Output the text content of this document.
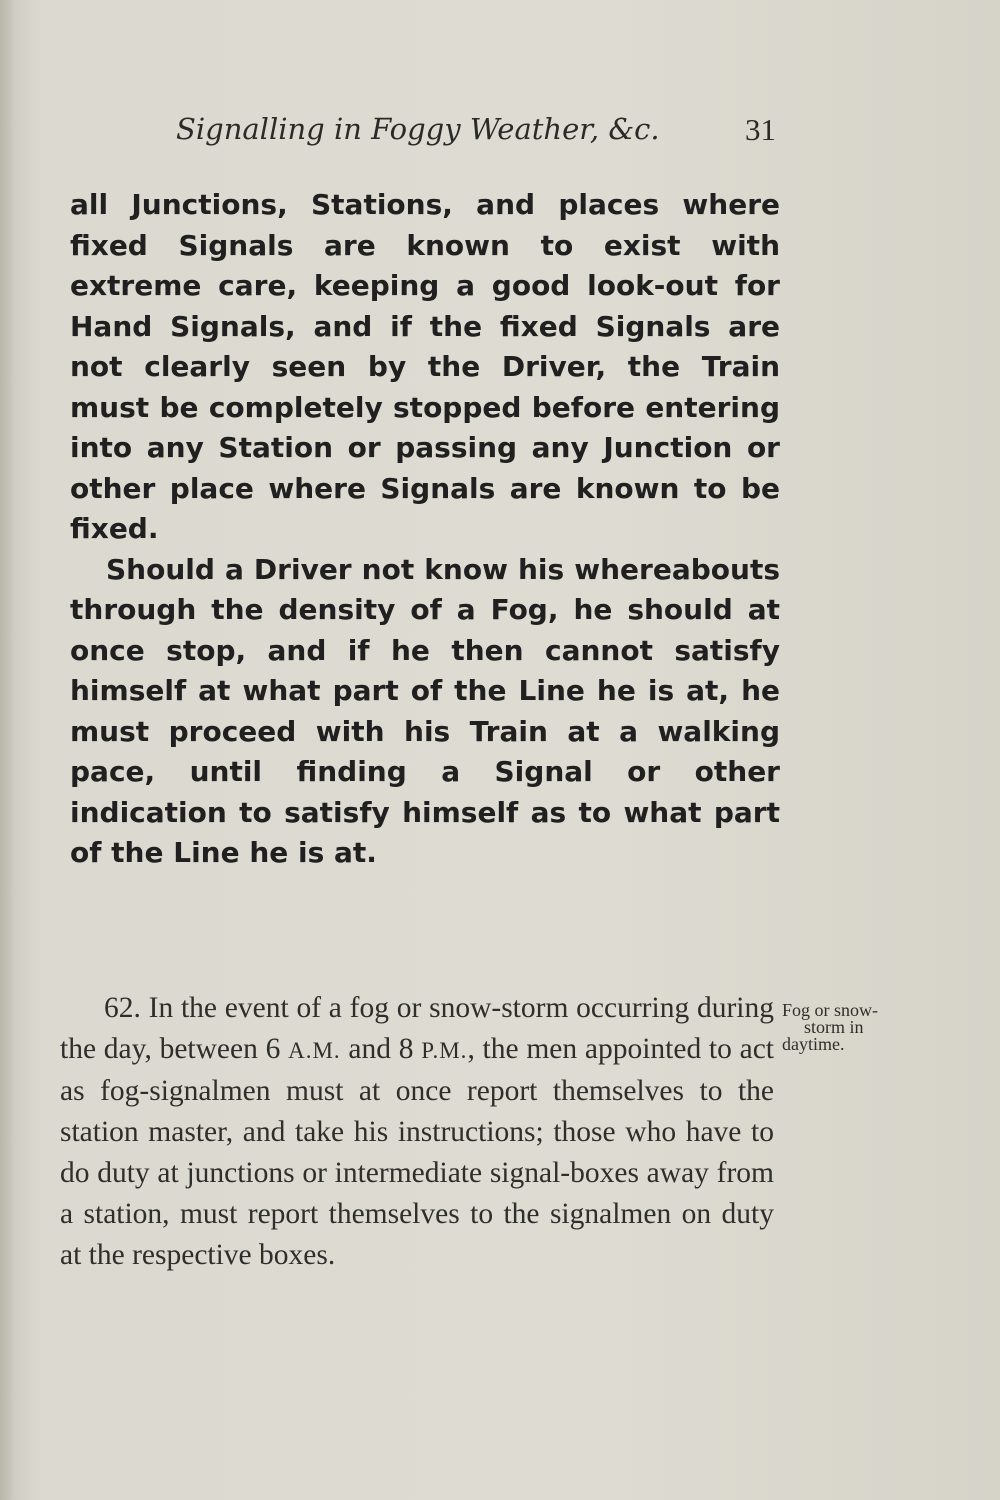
Signalling in Foggy Weather, &c.	31

all Junctions, Stations, and places where fixed Signals are known to exist with extreme care, keeping a good look-out for Hand Signals, and if the fixed Signals are not clearly seen by the Driver, the Train must be completely stopped before entering into any Station or passing any Junction or other place where Signals are known to be fixed.

Should a Driver not know his whereabouts through the density of a Fog, he should at once stop, and if he then cannot satisfy himself at what part of the Line he is at, he must proceed with his Train at a walking pace, until finding a Signal or other indication to satisfy himself as to what part of the Line he is at.

62. In the event of a fog or snow-storm occurring during the day, between 6 A.M. and 8 P.M., the men appointed to act as fog-signalmen must at once report themselves to the station master, and take his instructions; those who have to do duty at junctions or intermediate signal-boxes away from a station, must report themselves to the signalmen on duty at the respective boxes.

Fog or snow-
storm in
daytime.
